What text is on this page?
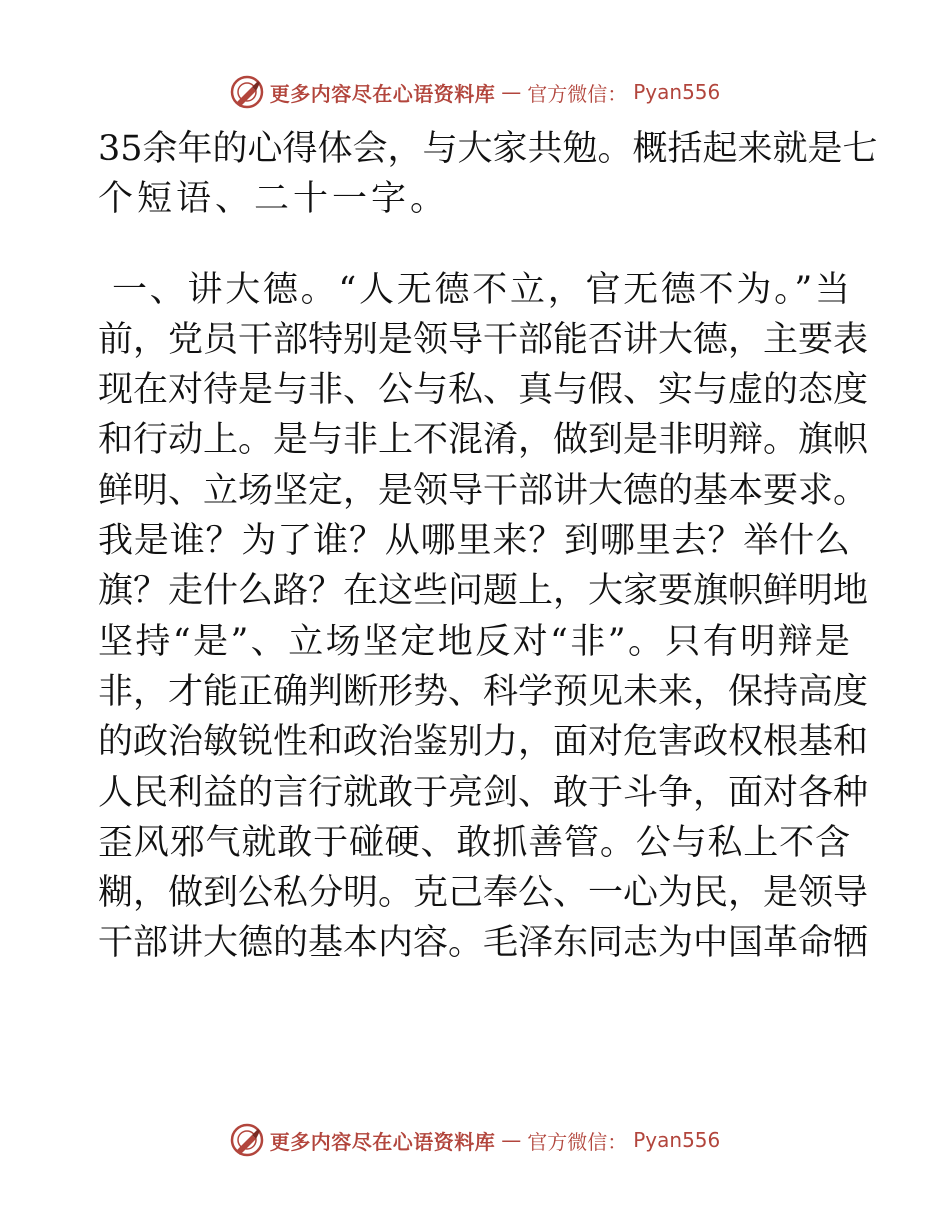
更多内容尽在心语资料库 — 官方微信： Pyan556
35余年的心得体会，与大家共勉。概括起来就是七
个短语、二十一字。
一、讲大德。“人无德不立，官无德不为。”当
前，党员干部特别是领导干部能否讲大德，主要表
现在对待是与非、公与私、真与假、实与虚的态度
和行动上。是与非上不混淆，做到是非明辩。旗帜
鲜明、立场坚定，是领导干部讲大德的基本要求。
我是谁？为了谁？从哪里来？到哪里去？举什么
旗？走什么路？在这些问题上，大家要旗帜鲜明地
坚持“是”、立场坚定地反对“非”。只有明辩是
非，才能正确判断形势、科学预见未来，保持高度
的政治敏锐性和政治鉴别力，面对危害政权根基和
人民利益的言行就敢于亮剑、敢于斗争，面对各种
歪风邪气就敢于碰硬、敢抓善管。公与私上不含
糊，做到公私分明。克己奉公、一心为民，是领导
干部讲大德的基本内容。毛泽东同志为中国革命牺
更多内容尽在心语资料库 — 官方微信： Pyan556
